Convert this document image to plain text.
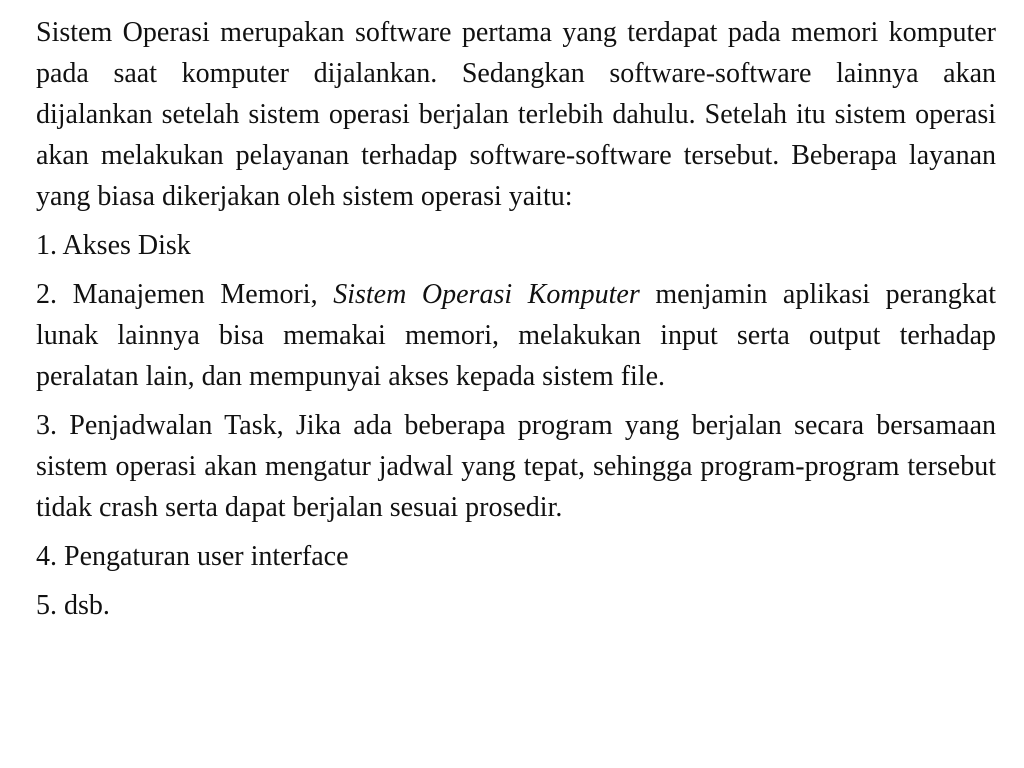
Sistem Operasi merupakan software pertama yang terdapat pada memori komputer pada saat komputer dijalankan. Sedangkan software-software lainnya akan dijalankan setelah sistem operasi berjalan terlebih dahulu. Setelah itu sistem operasi akan melakukan pelayanan terhadap software-software tersebut. Beberapa layanan yang biasa dikerjakan oleh sistem operasi yaitu:

1. Akses Disk

2. Manajemen Memori, Sistem Operasi Komputer menjamin aplikasi perangkat lunak lainnya bisa memakai memori, melakukan input serta output terhadap peralatan lain, dan mempunyai akses kepada sistem file.

3. Penjadwalan Task, Jika ada beberapa program yang berjalan secara bersamaan sistem operasi akan mengatur jadwal yang tepat, sehingga program-program tersebut tidak crash serta dapat berjalan sesuai prosedir.

4. Pengaturan user interface

5. dsb.
